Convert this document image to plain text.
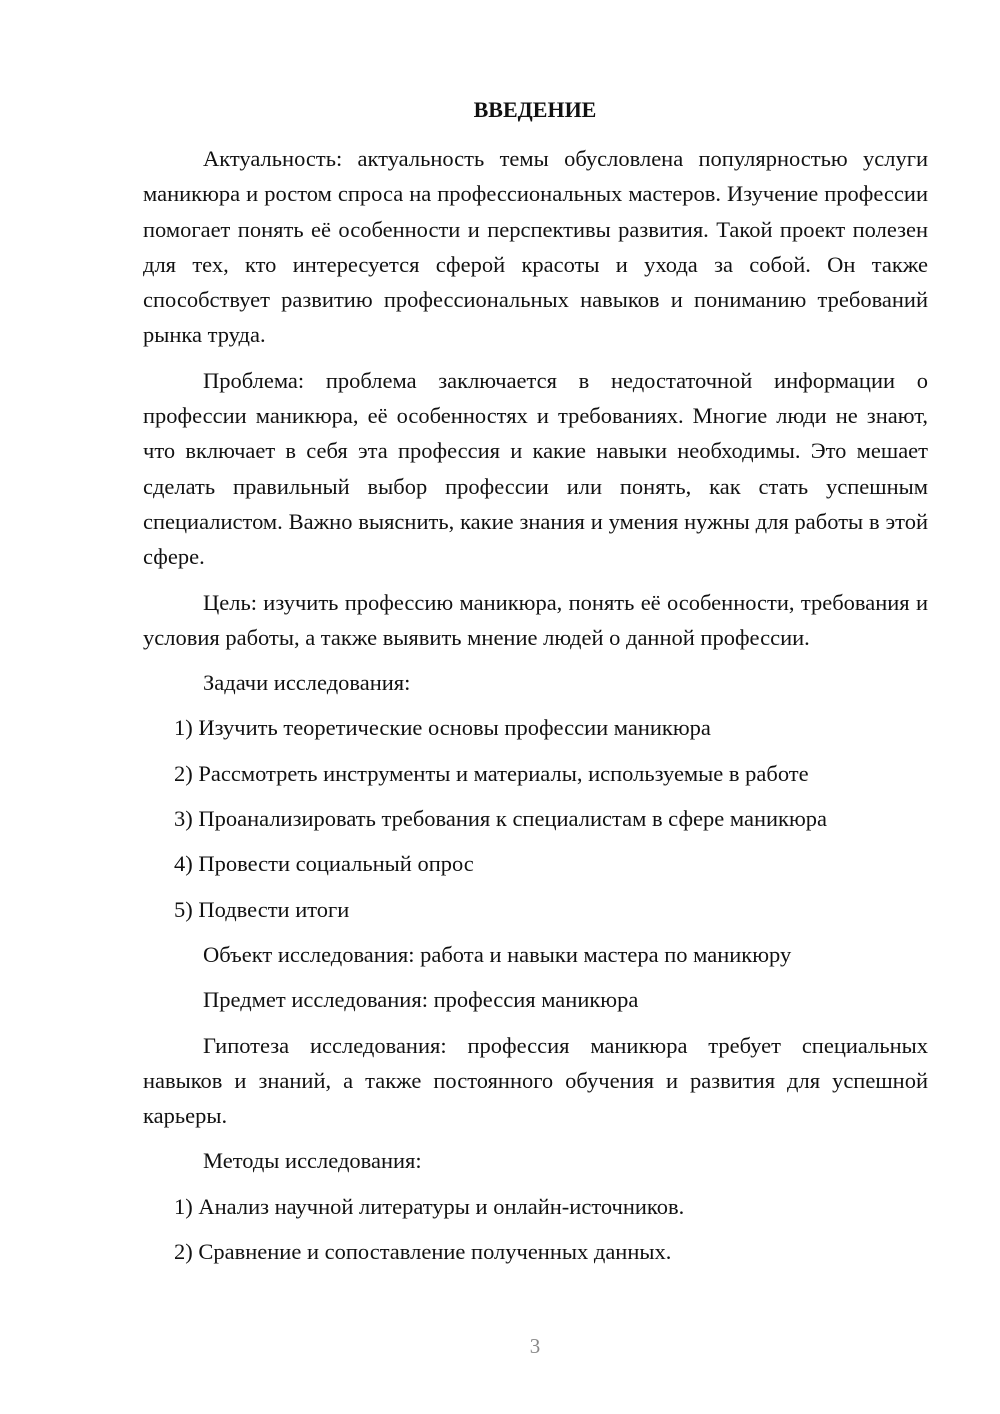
ВВЕДЕНИЕ

Актуальность: актуальность темы обусловлена популярностью услуги маникюра и ростом спроса на профессиональных мастеров. Изучение профессии помогает понять её особенности и перспективы развития. Такой проект полезен для тех, кто интересуется сферой красоты и ухода за собой. Он также способствует развитию профессиональных навыков и пониманию требований рынка труда.

Проблема: проблема заключается в недостаточной информации о профессии маникюра, её особенностях и требованиях. Многие люди не знают, что включает в себя эта профессия и какие навыки необходимы. Это мешает сделать правильный выбор профессии или понять, как стать успешным специалистом. Важно выяснить, какие знания и умения нужны для работы в этой сфере.

Цель: изучить профессию маникюра, понять её особенности, требования и условия работы, а также выявить мнение людей о данной профессии.

Задачи исследования:

1) Изучить теоретические основы профессии маникюра
2) Рассмотреть инструменты и материалы, используемые в работе
3) Проанализировать требования к специалистам в сфере маникюра
4) Провести социальный опрос
5) Подвести итоги

Объект исследования: работа и навыки мастера по маникюру

Предмет исследования: профессия маникюра

Гипотеза исследования: профессия маникюра требует специальных навыков и знаний, а также постоянного обучения и развития для успешной карьеры.

Методы исследования:

1) Анализ научной литературы и онлайн-источников.
2) Сравнение и сопоставление полученных данных.
3
